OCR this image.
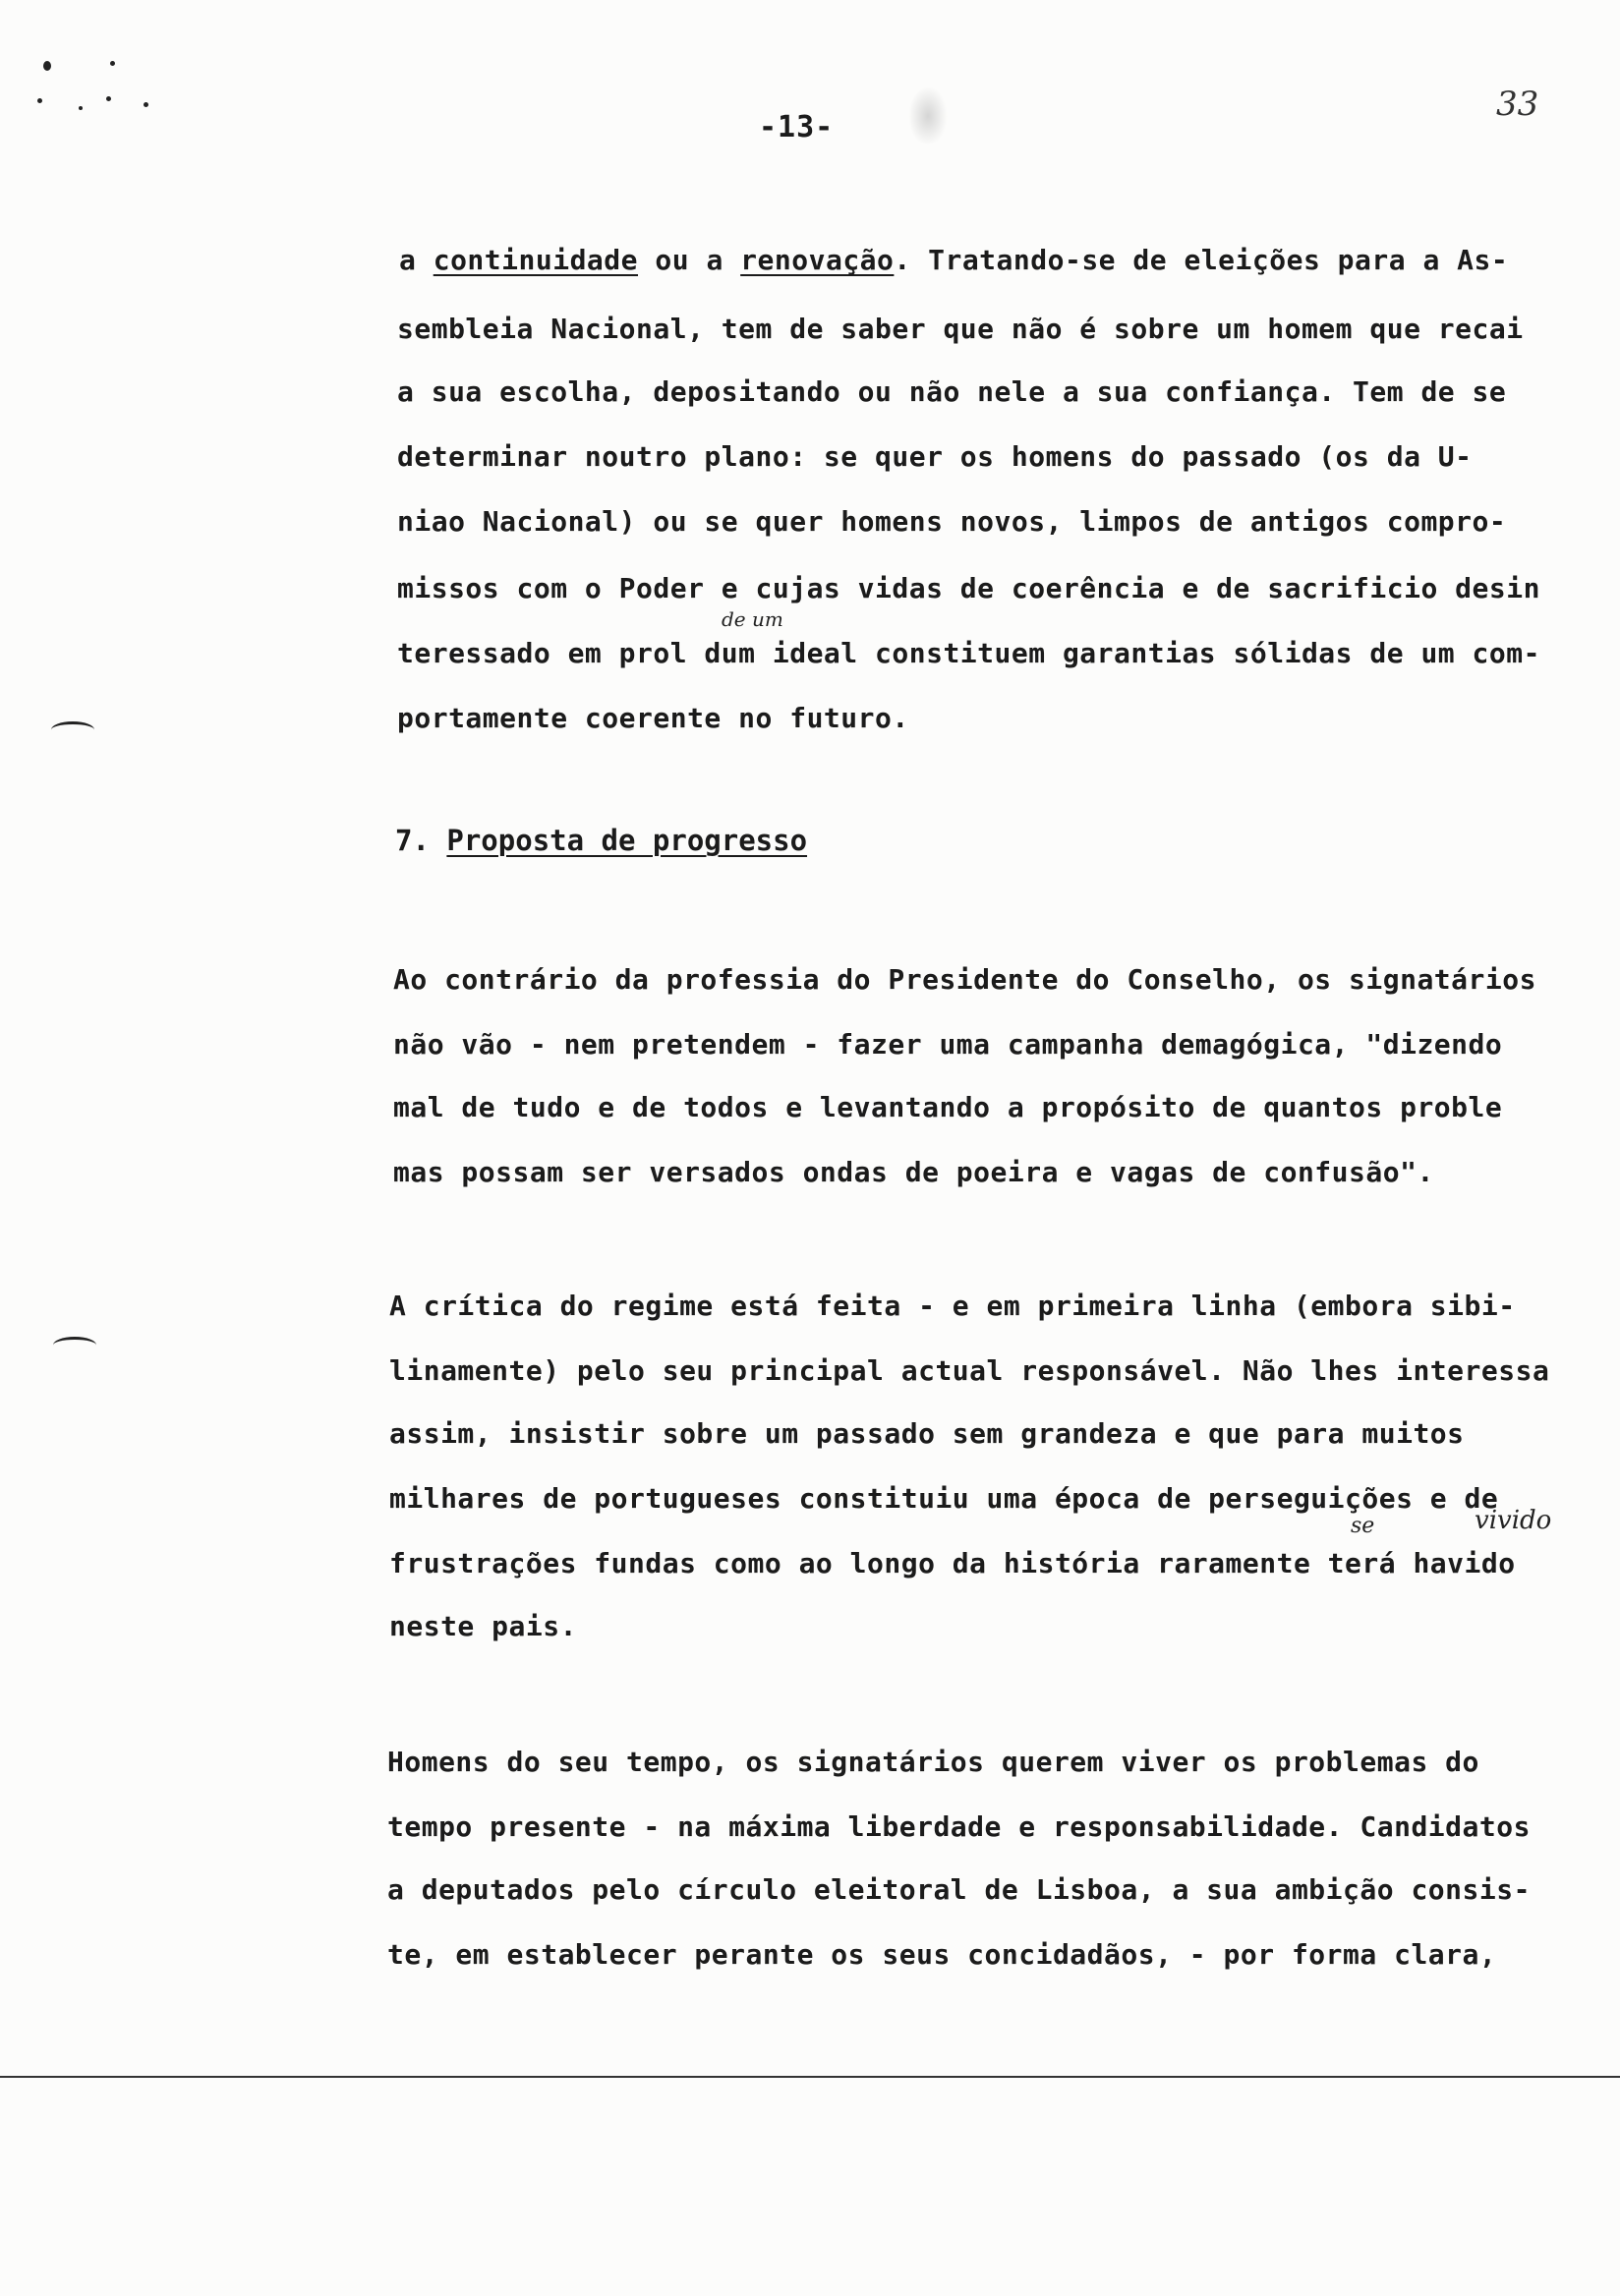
-13-
33
a continuidade ou a renovação. Tratando-se de eleições para a As-
sembleia Nacional, tem de saber que não é sobre um homem que recai
a sua escolha, depositando ou não nele a sua confiança. Tem de se
determinar noutro plano: se quer os homens do passado (os da U-
niao Nacional) ou se quer homens novos, limpos de antigos compro-
missos com o Poder e cujas vidas de coerência e de sacrificio desin
teressado em prol dum ideal constituem garantias sólidas de um com-
portamente coerente no futuro.
de um
7. Proposta de progresso
Ao contrário da professia do Presidente do Conselho, os signatários
não vão - nem pretendem - fazer uma campanha demagógica, "dizendo
mal de tudo e de todos e levantando a propósito de quantos proble
mas possam ser versados ondas de poeira e vagas de confusão".
A crítica do regime está feita - e em primeira linha (embora sibi-
linamente) pelo seu principal actual responsável. Não lhes interessa
assim, insistir sobre um passado sem grandeza e que para muitos
milhares de portugueses constituiu uma época de perseguições e de
frustrações fundas como ao longo da história raramente terá havido
neste pais.
se	vivido
Homens do seu tempo, os signatários querem viver os problemas do
tempo presente - na máxima liberdade e responsabilidade. Candidatos
a deputados pelo círculo eleitoral de Lisboa, a sua ambição consis-
te, em establecer perante os seus concidadãos, - por forma clara,
